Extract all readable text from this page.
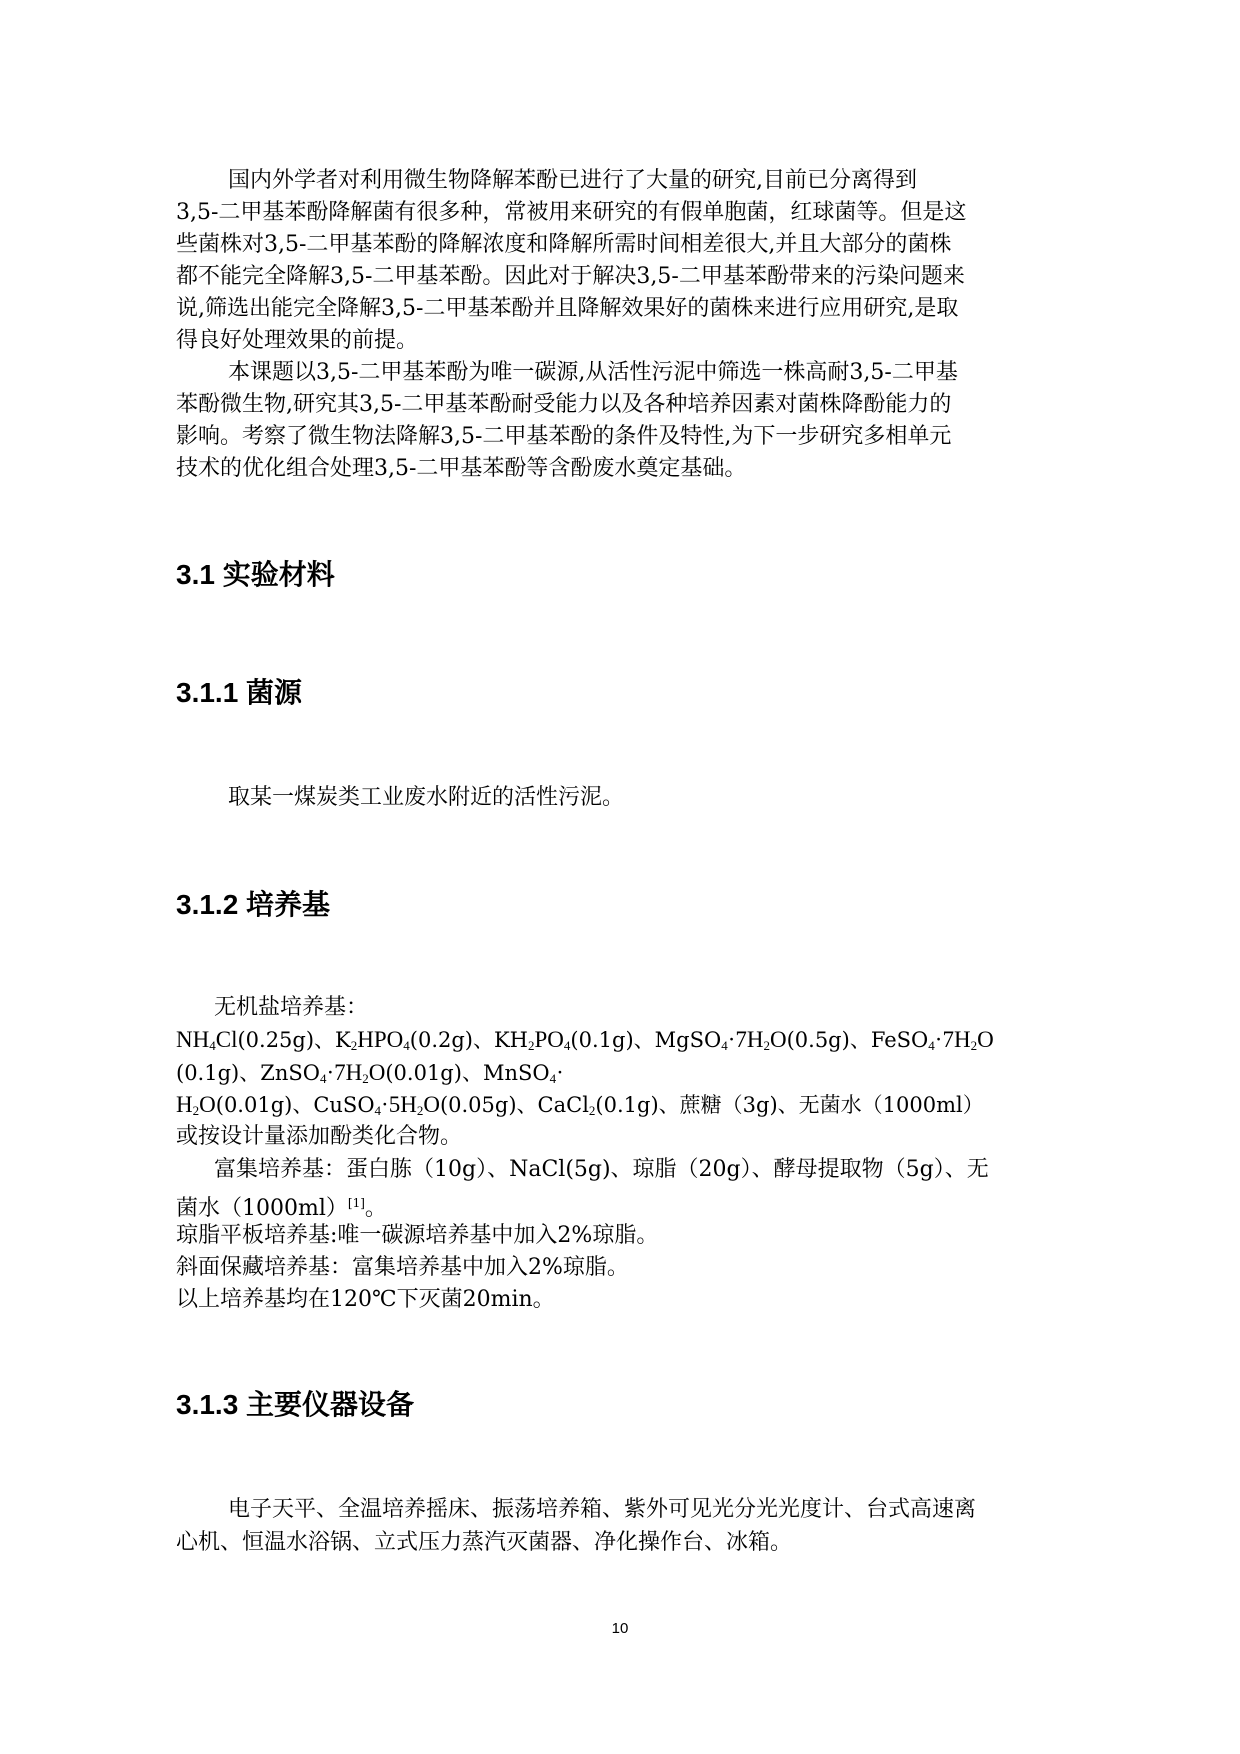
国内外学者对利用微生物降解苯酚已进行了大量的研究,目前已分离得到
3,5-二甲基苯酚降解菌有很多种，常被用来研究的有假单胞菌，红球菌等。但是这
些菌株对3,5-二甲基苯酚的降解浓度和降解所需时间相差很大,并且大部分的菌株
都不能完全降解3,5-二甲基苯酚。因此对于解决3,5-二甲基苯酚带来的污染问题来
说,筛选出能完全降解3,5-二甲基苯酚并且降解效果好的菌株来进行应用研究,是取
得良好处理效果的前提。
本课题以3,5-二甲基苯酚为唯一碳源,从活性污泥中筛选一株高耐3,5-二甲基
苯酚微生物,研究其3,5-二甲基苯酚耐受能力以及各种培养因素对菌株降酚能力的
影响。考察了微生物法降解3,5-二甲基苯酚的条件及特性,为下一步研究多相单元
技术的优化组合处理3,5-二甲基苯酚等含酚废水奠定基础。
3.1 实验材料
3.1.1 菌源
取某一煤炭类工业废水附近的活性污泥。
3.1.2 培养基
无机盐培养基：
$NH_4Cl(0.25g)$、$K_2HPO_4(0.2g)$、$KH_2PO_4(0.1g)$、$MgSO_4\cdot 7H_2O(0.5g)$、$FeSO_4\cdot 7H_2O$
(0.1g)、$ZnSO_4\cdot 7H_2O(0.01g)$、MnSO$_4$·
$H_2O(0.01g)$、$CuSO_4\cdot 5H_2O(0.05g)$、CaCl$_2$(0.1g)、蔗糖（3g)、无菌水（1000ml）
或按设计量添加酚类化合物。
富集培养基：蛋白胨（10g）、NaCl(5g)、琼脂（20g）、酵母提取物（5g）、无
菌水（1000ml）[1]。
琼脂平板培养基:唯一碳源培养基中加入2%琼脂。
斜面保藏培养基：富集培养基中加入2%琼脂。
以上培养基均在120℃下灭菌20min。
3.1.3 主要仪器设备
电子天平、全温培养摇床、振荡培养箱、紫外可见光分光光度计、台式高速离
心机、恒温水浴锅、立式压力蒸汽灭菌器、净化操作台、冰箱。
10
